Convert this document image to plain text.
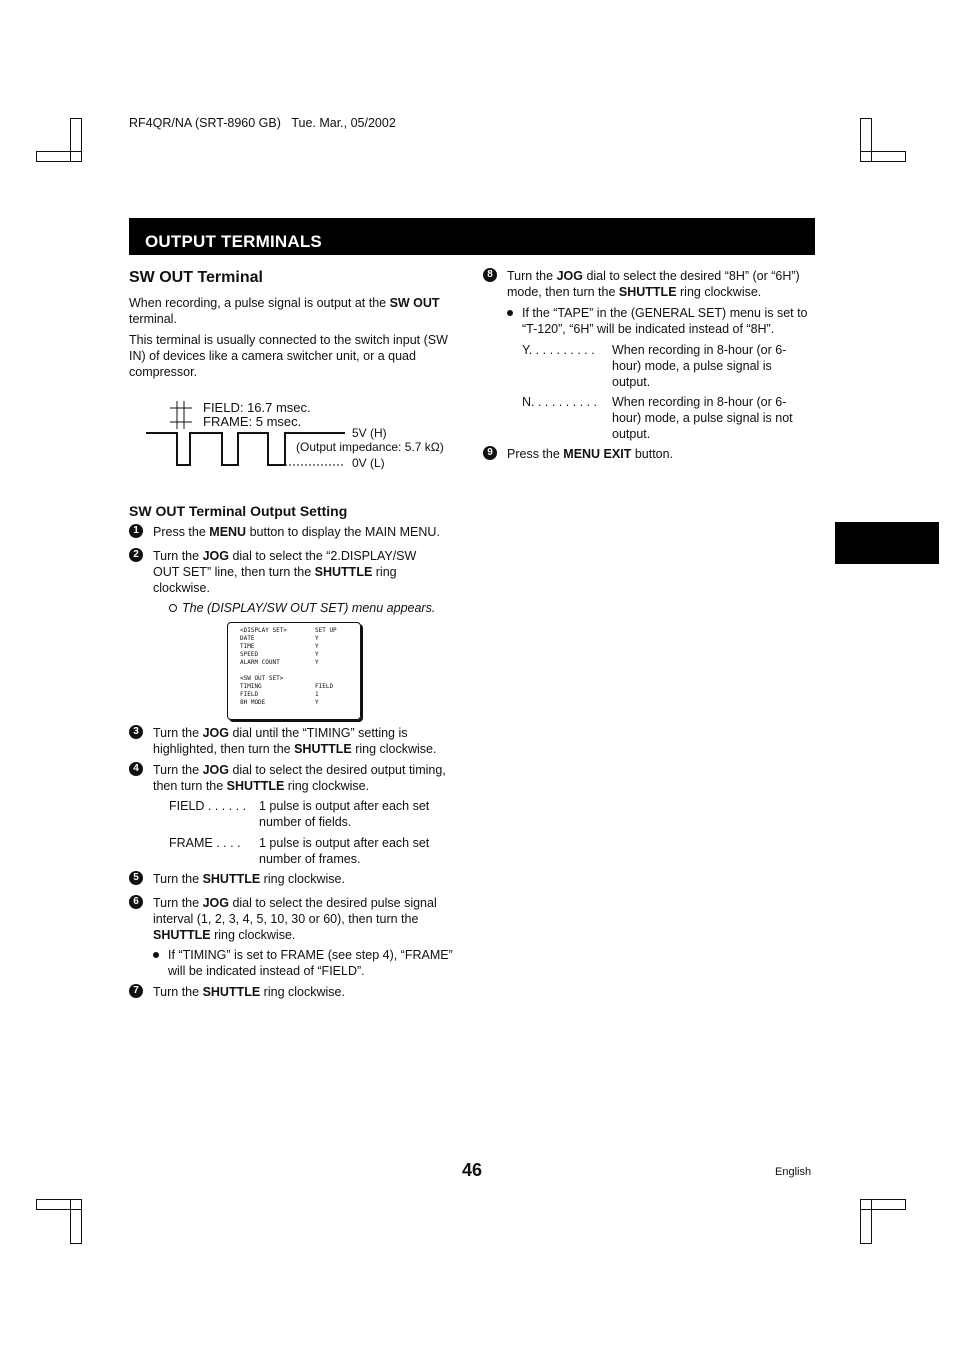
RF4QR/NA (SRT-8960 GB) Tue. Mar., 05/2002
OUTPUT TERMINALS
SW OUT Terminal

When recording, a pulse signal is output at the SW OUT
terminal.

This terminal is usually connected to the switch input (SW IN) of devices like a camera switcher unit, or a quad compressor.

FIELD: 16.7 msec.
FRAME: 5 msec.
5V (H)
(Output impedance: 5.7 kΩ)
0V (L)
SW OUT Terminal Output Setting
1	Press the MENU button to display the MAIN MENU.
2	Turn the JOG dial to select the “2.DISPLAY/SW OUT SET” line, then turn the SHUTTLE ring clockwise.
The (DISPLAY/SW OUT SET) menu appears.
<DISPLAY SET>	SET UP
DATE	Y
TIME	Y
SPEED	Y
ALARM COUNT	Y
<SW OUT SET>
TIMING	FIELD
FIELD	1
8H MODE	Y
3	Turn the JOG dial until the “TIMING” setting is highlighted, then turn the SHUTTLE ring clockwise.
4	Turn the JOG dial to select the desired output timing, then turn the SHUTTLE ring clockwise.
FIELD . . . . . . 1 pulse is output after each set number of fields.
FRAME . . . . 1 pulse is output after each set number of frames.
5	Turn the SHUTTLE ring clockwise.
6	Turn the JOG dial to select the desired pulse signal interval (1, 2, 3, 4, 5, 10, 30 or 60), then turn the SHUTTLE ring clockwise.
If “TIMING” is set to FRAME (see step 4), “FRAME” will be indicated instead of “FIELD”.
7	Turn the SHUTTLE ring clockwise.
8	Turn the JOG dial to select the desired “8H” (or “6H”) mode, then turn the SHUTTLE ring clockwise.
If the “TAPE” in the (GENERAL SET) menu is set to “T-120”, “6H” will be indicated instead of “8H”.
Y. . . . . . . . . . When recording in 8-hour (or 6-hour) mode, a pulse signal is output.
N. . . . . . . . . . When recording in 8-hour (or 6-hour) mode, a pulse signal is not output.
9	Press the MENU EXIT button.
46	English
